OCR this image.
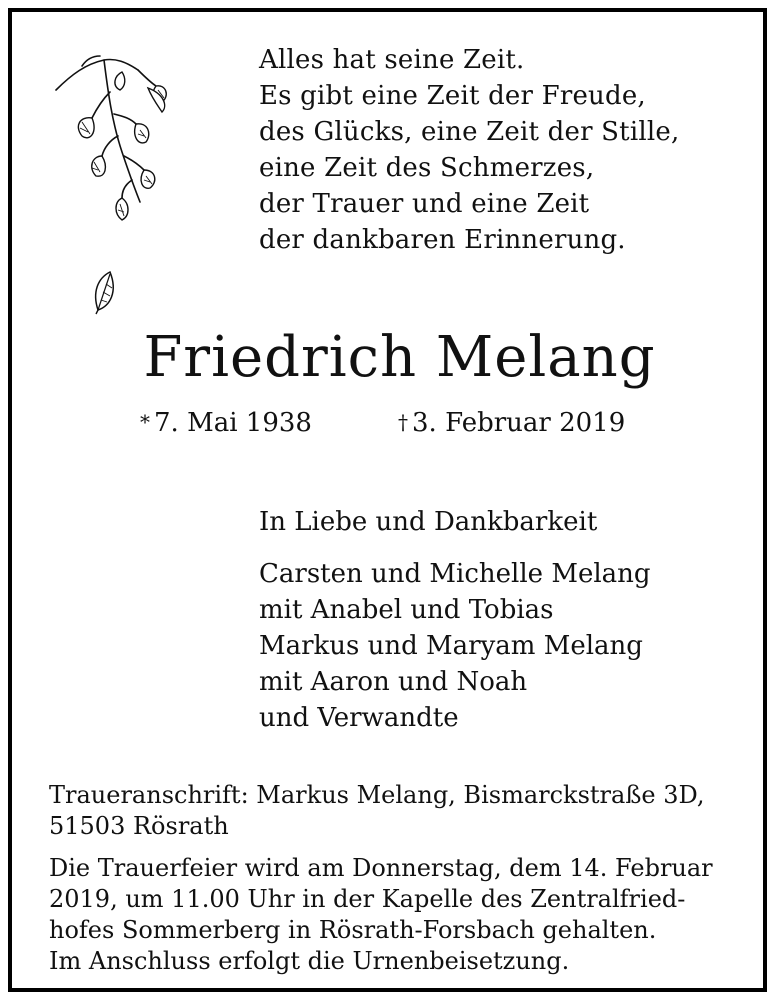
Alles hat seine Zeit.
Es gibt eine Zeit der Freude,
des Glücks, eine Zeit der Stille,
eine Zeit des Schmerzes,
der Trauer und eine Zeit
der dankbaren Erinnerung.
Friedrich Melang
* 7. Mai 1938	† 3. Februar 2019
In Liebe und Dankbarkeit
Carsten und Michelle Melang
mit Anabel und Tobias
Markus und Maryam Melang
mit Aaron und Noah
und Verwandte

Traueranschrift: Markus Melang, Bismarckstraße 3D,
51503 Rösrath

Die Trauerfeier wird am Donnerstag, dem 14. Februar
2019, um 11.00 Uhr in der Kapelle des Zentralfried-
hofes Sommerberg in Rösrath-Forsbach gehalten.
Im Anschluss erfolgt die Urnenbeisetzung.
